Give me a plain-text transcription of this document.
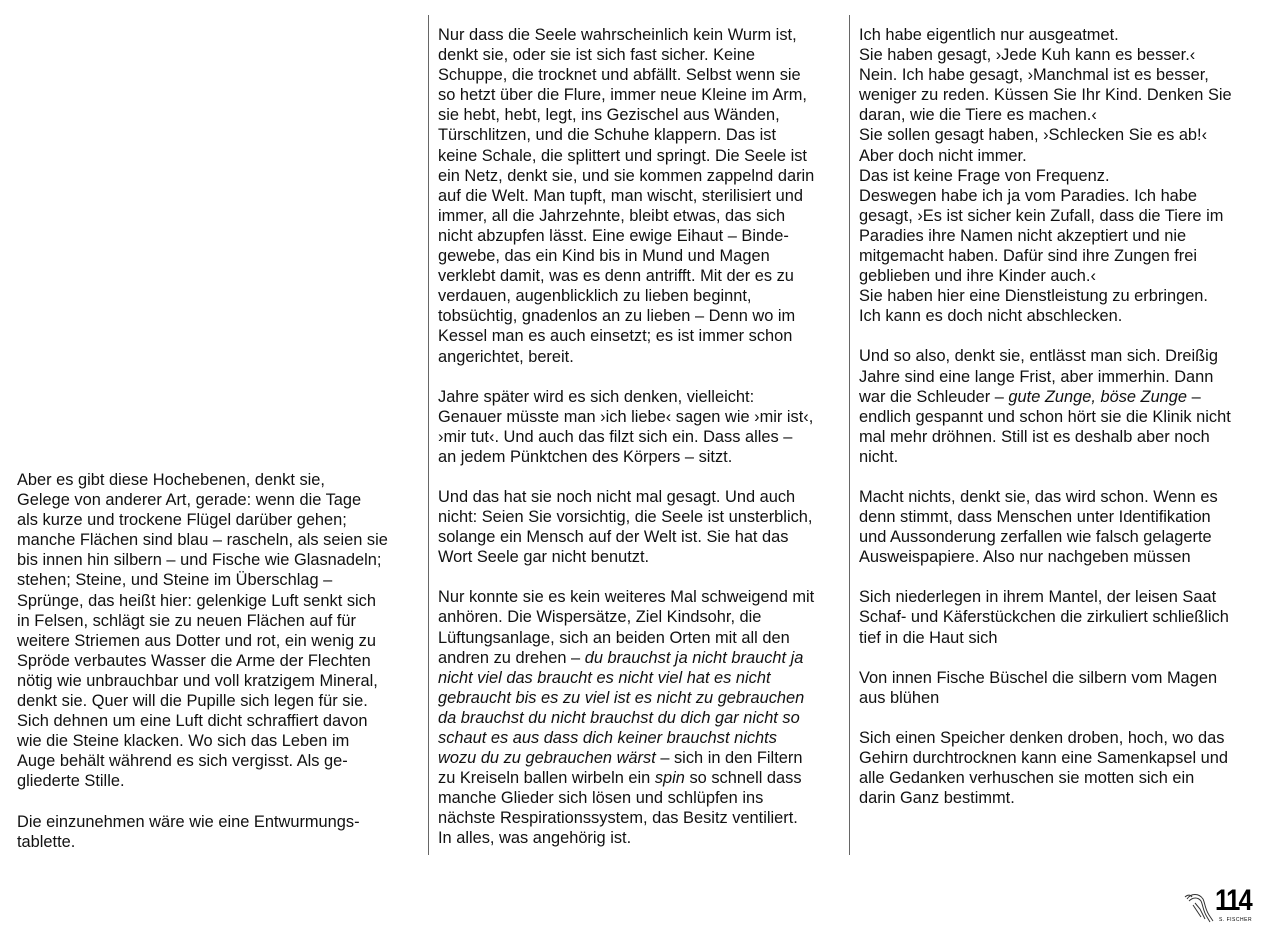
Aber es gibt diese Hochebenen, denkt sie,
Gelege von anderer Art, gerade: wenn die Tage
als kurze und trockene Flügel darüber gehen;
manche Flächen sind blau – rascheln, als seien sie
bis innen hin silbern – und Fische wie Glasnadeln;
stehen; Steine, und Steine im Überschlag –
Sprünge, das heißt hier: gelenkige Luft senkt sich
in Felsen, schlägt sie zu neuen Flächen auf für
weitere Striemen aus Dotter und rot, ein wenig zu
Spröde verbautes Wasser die Arme der Flechten
nötig wie unbrauchbar und voll kratzigem Mineral,
denkt sie. Quer will die Pupille sich legen für sie.
Sich dehnen um eine Luft dicht schraffiert davon
wie die Steine klacken. Wo sich das Leben im
Auge behält während es sich vergisst. Als ge-
gliederte Stille.

Die einzunehmen wäre wie eine Entwurmungs-
tablette.

Nur dass die Seele wahrscheinlich kein Wurm ist,
denkt sie, oder sie ist sich fast sicher. Keine
Schuppe, die trocknet und abfällt. Selbst wenn sie
so hetzt über die Flure, immer neue Kleine im Arm,
sie hebt, hebt, legt, ins Gezischel aus Wänden,
Türschlitzen, und die Schuhe klappern. Das ist
keine Schale, die splittert und springt. Die Seele ist
ein Netz, denkt sie, und sie kommen zappelnd darin
auf die Welt. Man tupft, man wischt, sterilisiert und
immer, all die Jahrzehnte, bleibt etwas, das sich
nicht abzupfen lässt. Eine ewige Eihaut – Binde-
gewebe, das ein Kind bis in Mund und Magen
verklebt damit, was es denn antrifft. Mit der es zu
verdauen, augenblicklich zu lieben beginnt,
tobsüchtig, gnadenlos an zu lieben – Denn wo im
Kessel man es auch einsetzt; es ist immer schon
angerichtet, bereit.

Jahre später wird es sich denken, vielleicht:
Genauer müsste man ›ich liebe‹ sagen wie ›mir ist‹,
›mir tut‹. Und auch das filzt sich ein. Dass alles –
an jedem Pünktchen des Körpers – sitzt.

Und das hat sie noch nicht mal gesagt. Und auch
nicht: Seien Sie vorsichtig, die Seele ist unsterblich,
solange ein Mensch auf der Welt ist. Sie hat das
Wort Seele gar nicht benutzt.

Nur konnte sie es kein weiteres Mal schweigend mit
anhören. Die Wispersätze, Ziel Kindsohr, die
Lüftungsanlage, sich an beiden Orten mit all den
andren zu drehen – du brauchst ja nicht braucht ja
nicht viel das braucht es nicht viel hat es nicht
gebraucht bis es zu viel ist es nicht zu gebrauchen
da brauchst du nicht brauchst du dich gar nicht so
schaut es aus dass dich keiner brauchst nichts
wozu du zu gebrauchen wärst – sich in den Filtern
zu Kreiseln ballen wirbeln ein spin so schnell dass
manche Glieder sich lösen und schlüpfen ins
nächste Respirationssystem, das Besitz ventiliert.
In alles, was angehörig ist.

Ich habe eigentlich nur ausgeatmet.
Sie haben gesagt, ›Jede Kuh kann es besser.‹
Nein. Ich habe gesagt, ›Manchmal ist es besser,
weniger zu reden. Küssen Sie Ihr Kind. Denken Sie
daran, wie die Tiere es machen.‹
Sie sollen gesagt haben, ›Schlecken Sie es ab!‹
Aber doch nicht immer.
Das ist keine Frage von Frequenz.
Deswegen habe ich ja vom Paradies. Ich habe
gesagt, ›Es ist sicher kein Zufall, dass die Tiere im
Paradies ihre Namen nicht akzeptiert und nie
mitgemacht haben. Dafür sind ihre Zungen frei
geblieben und ihre Kinder auch.‹
Sie haben hier eine Dienstleistung zu erbringen.
Ich kann es doch nicht abschlecken.

Und so also, denkt sie, entlässt man sich. Dreißig
Jahre sind eine lange Frist, aber immerhin. Dann
war die Schleuder – gute Zunge, böse Zunge –
endlich gespannt und schon hört sie die Klinik nicht
mal mehr dröhnen. Still ist es deshalb aber noch
nicht.

Macht nichts, denkt sie, das wird schon. Wenn es
denn stimmt, dass Menschen unter Identifikation
und Aussonderung zerfallen wie falsch gelagerte
Ausweispapiere. Also nur nachgeben müssen

Sich niederlegen in ihrem Mantel, der leisen Saat
Schaf- und Käferstückchen die zirkuliert schließlich
tief in die Haut sich

Von innen Fische Büschel die silbern vom Magen
aus blühen

Sich einen Speicher denken droben, hoch, wo das
Gehirn durchtrocknen kann eine Samenkapsel und
alle Gedanken verhuschen sie motten sich ein
darin Ganz bestimmt.

114
S. FISCHER
